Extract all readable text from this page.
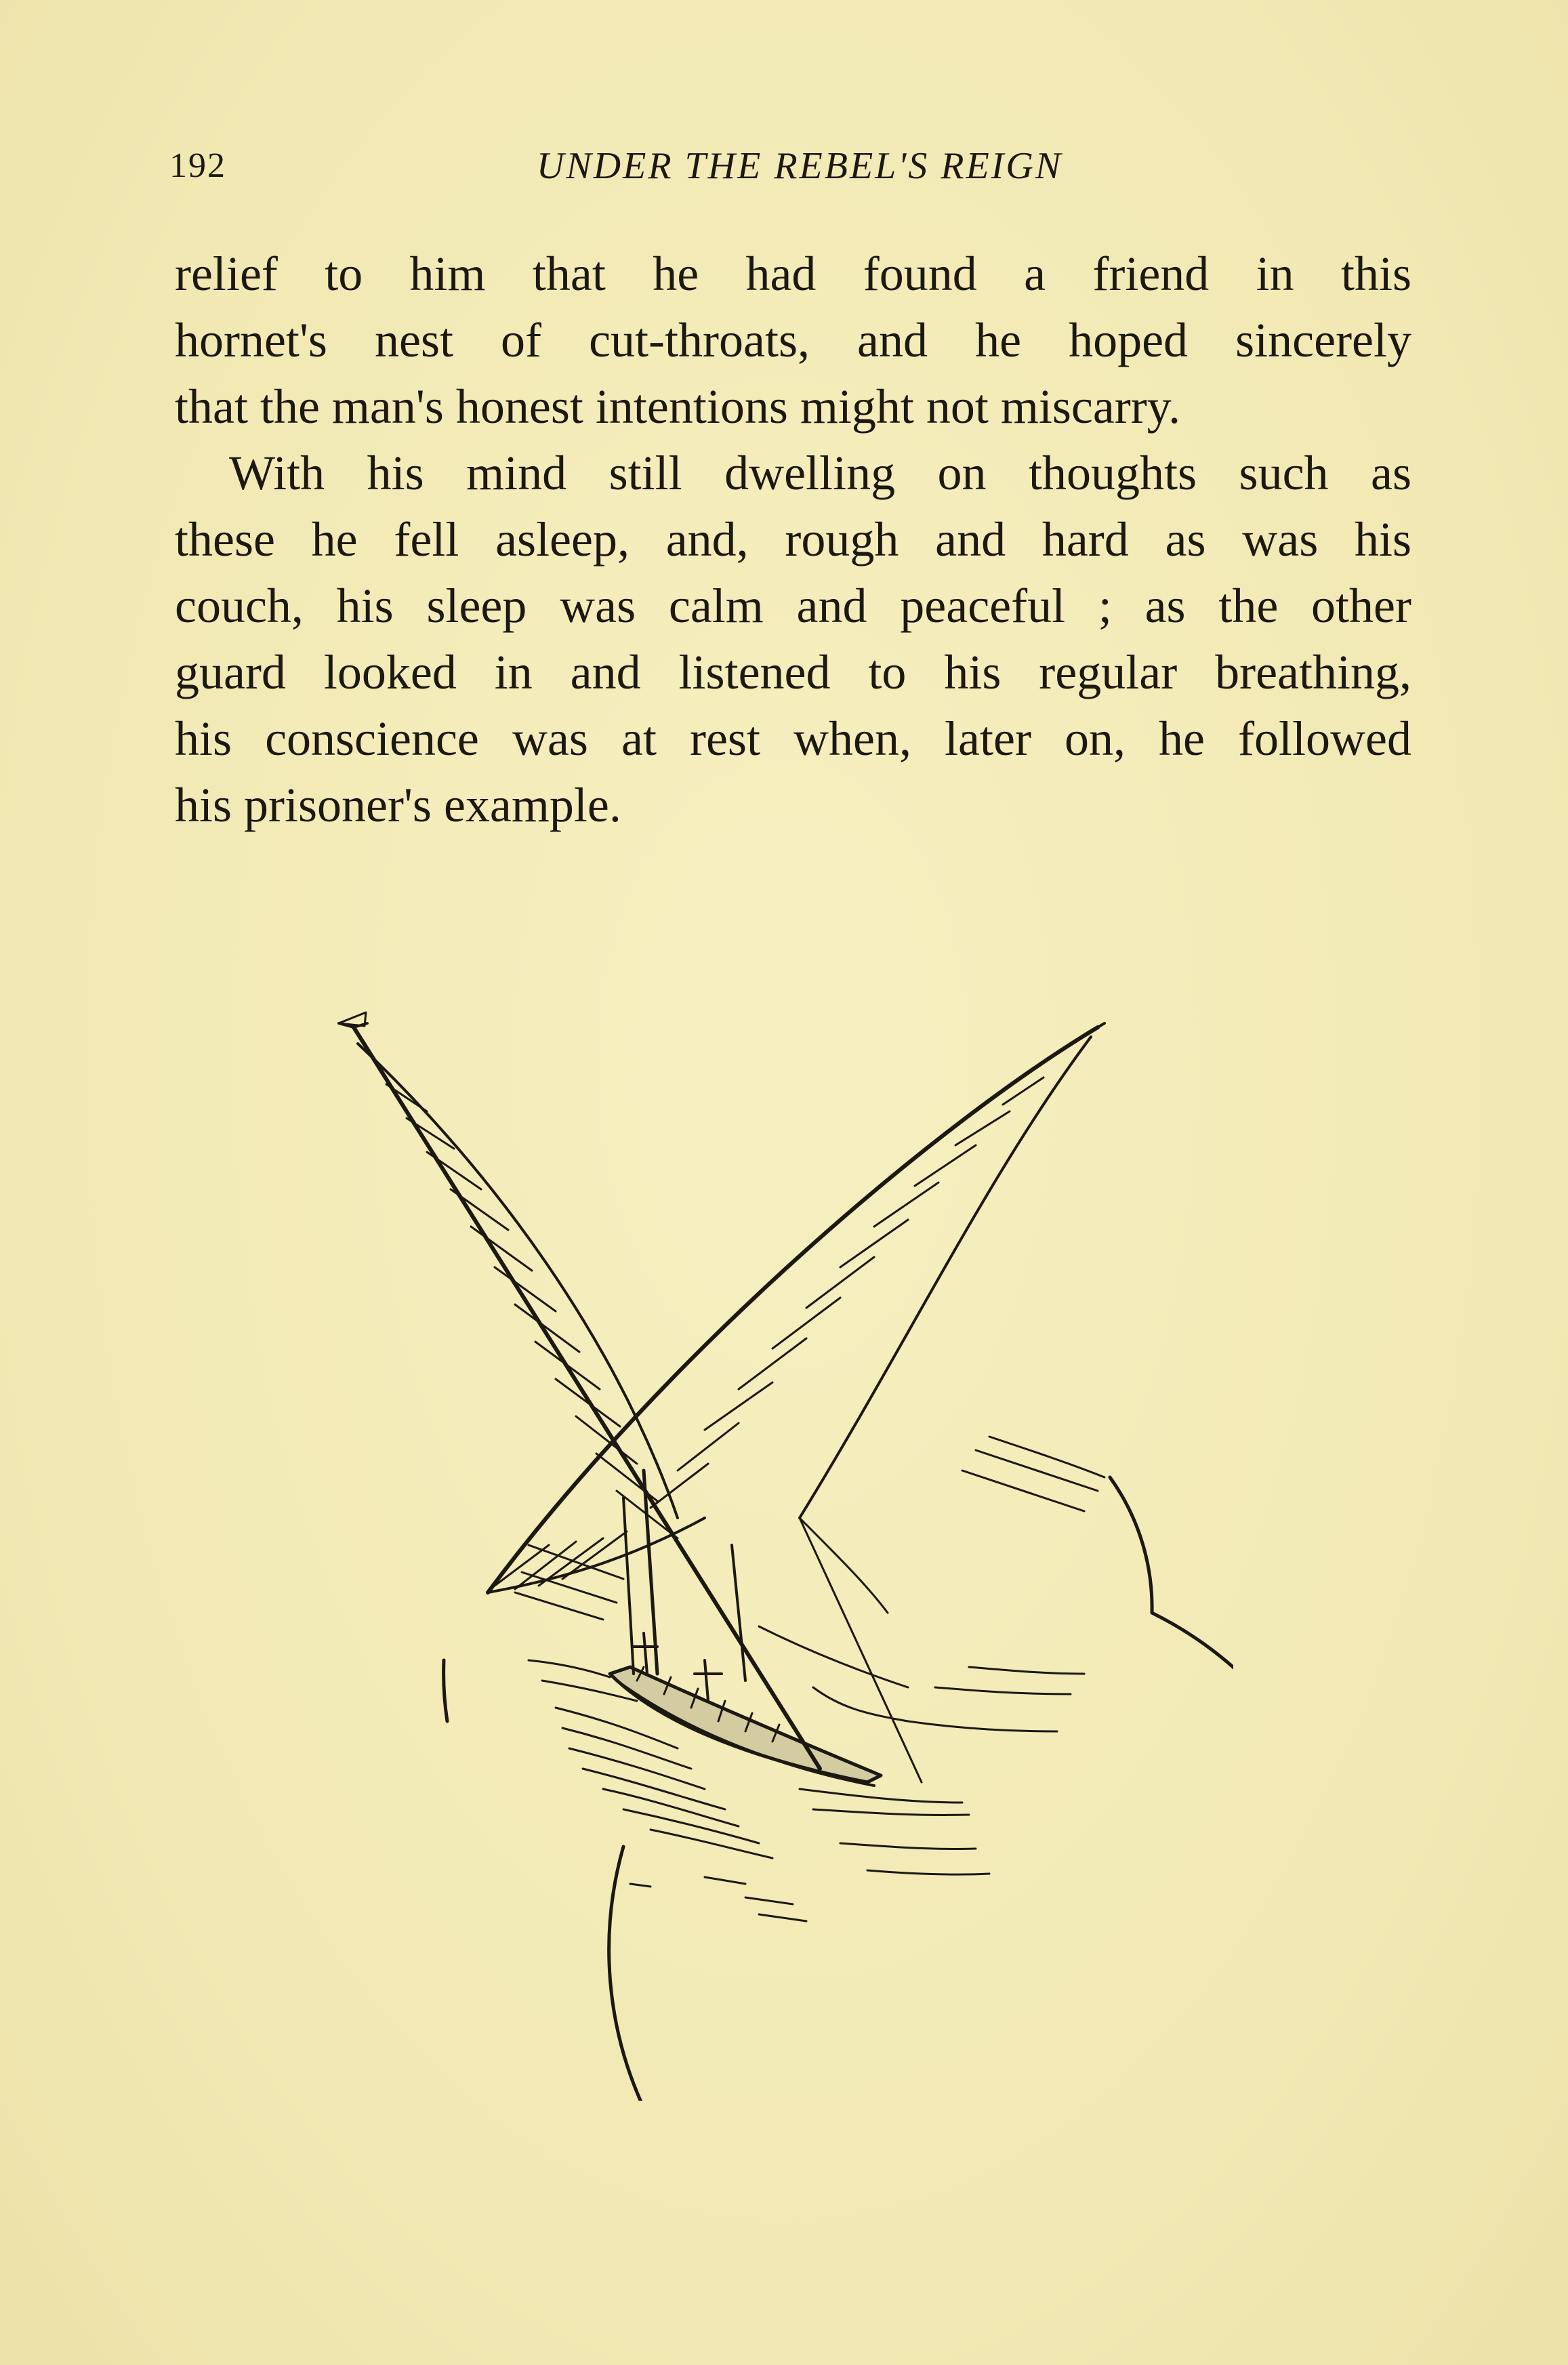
192	UNDER THE REBEL'S REIGN
relief to him that he had found a friend in this
hornet's nest of cut-throats, and he hoped sincerely
that the man's honest intentions might not miscarry.
With his mind still dwelling on thoughts such as
these he fell asleep, and, rough and hard as was his
couch, his sleep was calm and peaceful ; as the other
guard looked in and listened to his regular breathing,
his conscience was at rest when, later on, he followed
his prisoner's example.
